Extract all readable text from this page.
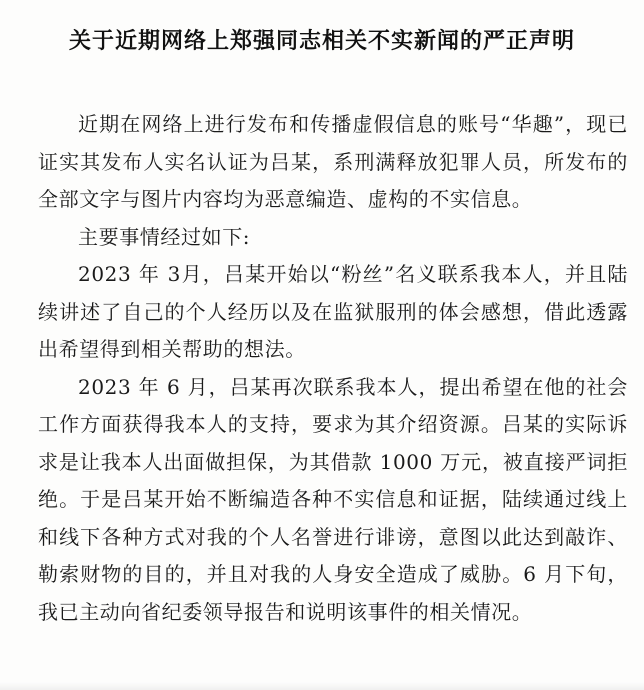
关于近期网络上郑强同志相关不实新闻的严正声明

近期在网络上进行发布和传播虚假信息的账号“华趣”，现已证实其发布人实名认证为吕某，系刑满释放犯罪人员，所发布的全部文字与图片内容均为恶意编造、虚构的不实信息。

主要事情经过如下:

2023 年 3月，吕某开始以“粉丝”名义联系我本人，并且陆续讲述了自己的个人经历以及在监狱服刑的体会感想，借此透露出希望得到相关帮助的想法。

2023 年 6 月，吕某再次联系我本人，提出希望在他的社会工作方面获得我本人的支持，要求为其介绍资源。吕某的实际诉求是让我本人出面做担保，为其借款 1000 万元，被直接严词拒绝。于是吕某开始不断编造各种不实信息和证据，陆续通过线上和线下各种方式对我的个人名誉进行诽谤，意图以此达到敲诈、勒索财物的目的，并且对我的人身安全造成了威胁。6 月下旬，我已主动向省纪委领导报告和说明该事件的相关情况。
